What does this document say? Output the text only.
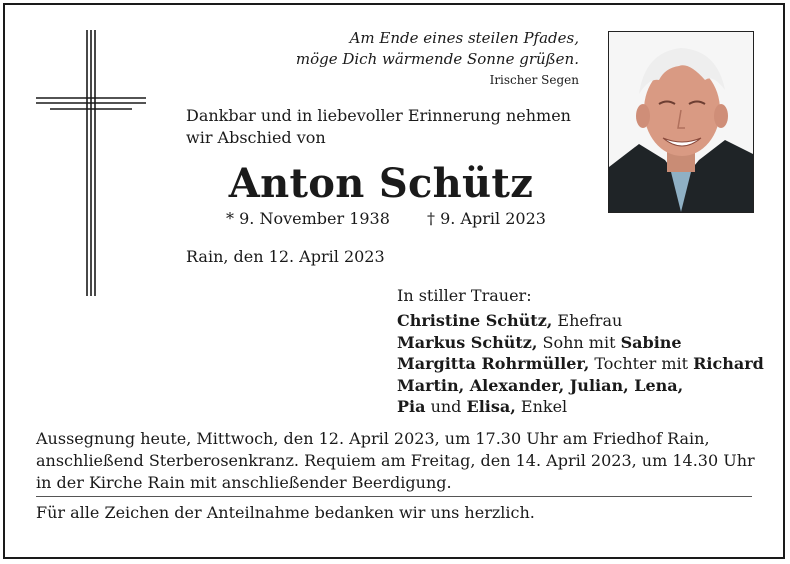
Am Ende eines steilen Pfades,
möge Dich wärmende Sonne grüßen.
Irischer Segen
Dankbar und in liebevoller Erinnerung nehmen
wir Abschied von
Anton Schütz
* 9. November 1938 † 9. April 2023
Rain, den 12. April 2023
In stiller Trauer:
Christine Schütz, Ehefrau
Markus Schütz, Sohn mit Sabine
Margitta Rohrmüller, Tochter mit Richard
Martin, Alexander, Julian, Lena,
Pia und Elisa, Enkel
Aussegnung heute, Mittwoch, den 12. April 2023, um 17.30 Uhr am Friedhof Rain,
anschließend Sterberosenkranz. Requiem am Freitag, den 14. April 2023, um 14.30 Uhr
in der Kirche Rain mit anschließender Beerdigung.
Für alle Zeichen der Anteilnahme bedanken wir uns herzlich.
